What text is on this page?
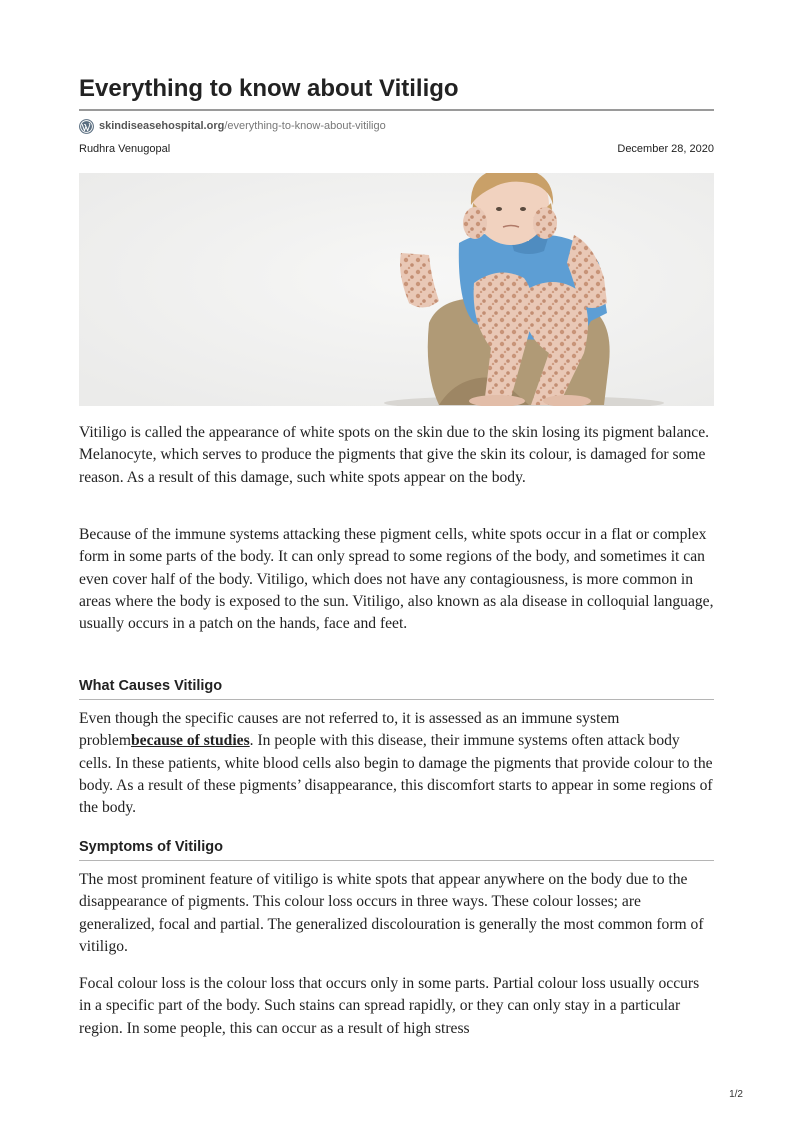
Everything to know about Vitiligo
skindiseasehospital.org/everything-to-know-about-vitiligo
Rudhra Venugopal	December 28, 2020

Vitiligo is called the appearance of white spots on the skin due to the skin losing its pigment balance. Melanocyte, which serves to produce the pigments that give the skin its colour, is damaged for some reason. As a result of this damage, such white spots appear on the body.

Because of the immune systems attacking these pigment cells, white spots occur in a flat or complex form in some parts of the body. It can only spread to some regions of the body, and sometimes it can even cover half of the body. Vitiligo, which does not have any contagiousness, is more common in areas where the body is exposed to the sun. Vitiligo, also known as ala disease in colloquial language, usually occurs in a patch on the hands, face and feet.

What Causes Vitiligo

Even though the specific causes are not referred to, it is assessed as an immune system problembecause of studies. In people with this disease, their immune systems often attack body cells. In these patients, white blood cells also begin to damage the pigments that provide colour to the body. As a result of these pigments’ disappearance, this discomfort starts to appear in some regions of the body.

Symptoms of Vitiligo

The most prominent feature of vitiligo is white spots that appear anywhere on the body due to the disappearance of pigments. This colour loss occurs in three ways. These colour losses; are generalized, focal and partial. The generalized discolouration is generally the most common form of vitiligo.

Focal colour loss is the colour loss that occurs only in some parts. Partial colour loss usually occurs in a specific part of the body. Such stains can spread rapidly, or they can only stay in a particular region. In some people, this can occur as a result of high stress

1/2
